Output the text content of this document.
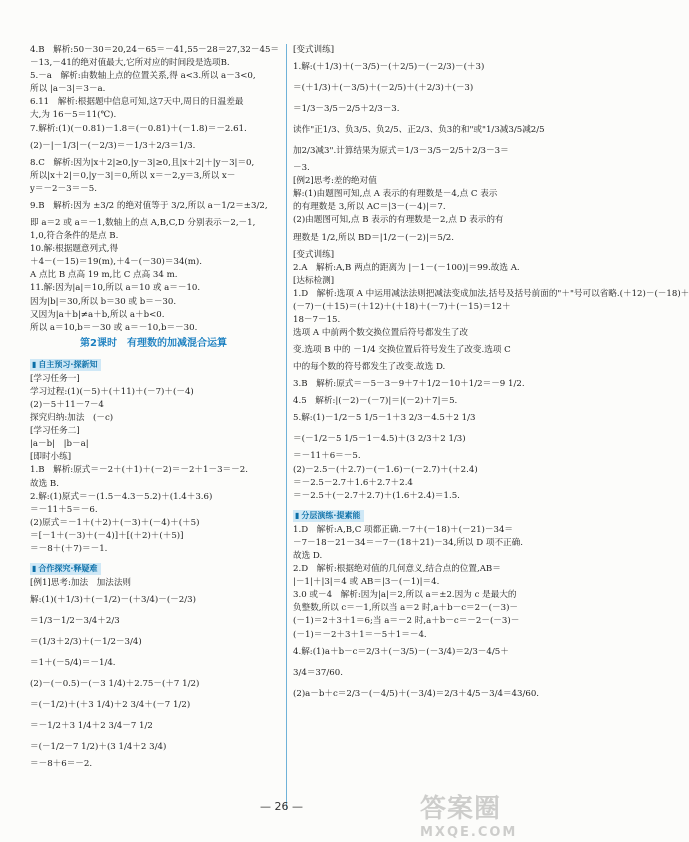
4.B　解析:50－30＝20,24－65＝－41,55－28＝27,32－45＝
－13,－41的绝对值最大,它所对应的时间段是选项B.
5.－a　解析:由数轴上点的位置关系,得 a<3.所以 a－3<0,
所以 |a－3|＝3－a.
6.11　解析:根据题中信息可知,这7天中,周日的日温差最
大,为 16－5＝11(℃).
7.解析:(1)(－0.81)－1.8＝(－0.81)＋(－1.8)＝－2.61.
(2)－|－1/3|－(－2/3)＝－1/3＋2/3＝1/3.
8.C　解析:因为|x＋2|≥0,|y－3|≥0,且|x＋2|＋|y－3|＝0,
所以|x＋2|＝0,|y－3|＝0,所以 x＝－2,y＝3,所以 x－
y＝－2－3＝－5.
9.B　解析:因为 ±3/2 的绝对值等于 3/2,所以 a－1/2＝±3/2,
即 a＝2 或 a＝－1,数轴上的点 A,B,C,D 分别表示－2,－1,
1,0,符合条件的是点 B.
10.解:根据题意列式,得
＋4－(－15)＝19(m),＋4－(－30)＝34(m).
A 点比 B 点高 19 m,比 C 点高 34 m.
11.解:因为|a|＝10,所以 a＝10 或 a＝－10.
因为|b|＝30,所以 b＝30 或 b＝－30.
又因为|a＋b|≠a＋b,所以 a＋b<0.
所以 a＝10,b＝－30 或 a＝－10,b＝－30.
第2课时　有理数的加减混合运算
▮ 自主预习·探新知
[学习任务一]
学习过程:(1)(－5)＋(＋11)＋(－7)＋(－4)
(2)－5＋11－7－4
探究归纳:加法　(－c)
[学习任务二]
|a－b|　|b－a|
[即时小练]
1.B　解析:原式＝－2＋(＋1)＋(－2)＝－2＋1－3＝－2.
故选 B.
2.解:(1)原式＝－(1.5－4.3－5.2)＋(1.4＋3.6)
＝－11＋5＝－6.
(2)原式＝－1＋(＋2)＋(－3)＋(－4)＋(＋5)
＝[－1＋(－3)＋(－4)]＋[(＋2)＋(＋5)]
＝－8＋(＋7)＝－1.
▮ 合作探究·释疑难
[例1]思考:加法　加法法则
解:(1)(＋1/3)＋(－1/2)－(＋3/4)－(－2/3)
＝1/3－1/2－3/4＋2/3
＝(1/3＋2/3)＋(－1/2－3/4)
＝1＋(－5/4)＝－1/4.
(2)－(－0.5)－(－3 1/4)＋2.75－(＋7 1/2)
＝(－1/2)＋(＋3 1/4)＋2 3/4＋(－7 1/2)
＝－1/2＋3 1/4＋2 3/4－7 1/2
＝(－1/2－7 1/2)＋(3 1/4＋2 3/4)
＝－8＋6＝－2.
[变式训练]
1.解:(＋1/3)＋(－3/5)－(＋2/5)－(－2/3)－(＋3)
＝(＋1/3)＋(－3/5)＋(－2/5)＋(＋2/3)＋(－3)
＝1/3－3/5－2/5＋2/3－3.
读作"正1/3、负3/5、负2/5、正2/3、负3的和"或"1/3减3/5减2/5
加2/3减3".计算结果为原式＝1/3－3/5－2/5＋2/3－3＝
－3.
[例2]思考:差的绝对值
解:(1)由题图可知,点 A 表示的有理数是－4,点 C 表示
的有理数是 3,所以 AC＝|3－(－4)|＝7.
(2)由题图可知,点 B 表示的有理数是－2,点 D 表示的有
理数是 1/2,所以 BD＝|1/2－(－2)|＝5/2.
[变式训练]
2.A　解析:A,B 两点的距离为 |－1－(－100)|＝99.故选 A.
[达标检测]
1.D　解析:选项 A 中运用减法法则把减法变成加法,括号及括号前面的"＋"号可以省略.(＋12)－(－18)＋
(－7)－(＋15)＝(＋12)＋(＋18)＋(－7)＋(－15)＝12＋
18－7－15.
选项 A 中前两个数交换位置后符号都发生了改
变.选项 B 中的 －1/4 交换位置后符号发生了改变.选项 C
中的每个数的符号都发生了改变.故选 D.
3.B　解析:原式＝－5－3－9＋7＋1/2－10＋1/2＝－9 1/2.
4.5　解析:|(－2)－(－7)|＝|(－2)＋7|＝5.
5.解:(1)－1/2－5 1/5－1＋3 2/3－4.5＋2 1/3
＝(－1/2－5 1/5－1－4.5)＋(3 2/3＋2 1/3)
＝－11＋6＝－5.
(2)－2.5－(＋2.7)－(－1.6)－(－2.7)＋(＋2.4)
＝－2.5－2.7＋1.6＋2.7＋2.4
＝－2.5＋(－2.7＋2.7)＋(1.6＋2.4)＝1.5.
▮ 分层演练·提素能
1.D　解析:A,B,C 项都正确.－7＋(－18)＋(－21)－34＝
－7－18－21－34＝－7－(18＋21)－34,所以 D 项不正确.
故选 D.
2.D　解析:根据绝对值的几何意义,结合点的位置,AB＝
|－1|＋|3|＝4 或 AB＝|3－(－1)|＝4.
3.0 或－4　解析:因为|a|＝2,所以 a＝±2.因为 c 是最大的
负整数,所以 c＝－1,所以当 a＝2 时,a＋b－c＝2－(－3)－
(－1)＝2＋3＋1＝6;当 a＝－2 时,a＋b－c＝－2－(－3)－
(－1)＝－2＋3＋1＝－5＋1＝－4.
4.解:(1)a＋b－c＝2/3＋(－3/5)－(－3/4)＝2/3－4/5＋
3/4＝37/60.
(2)a－b＋c＝2/3－(－4/5)＋(－3/4)＝2/3＋4/5－3/4＝43/60.
— 26 —	答案圈
MXQE.COM
